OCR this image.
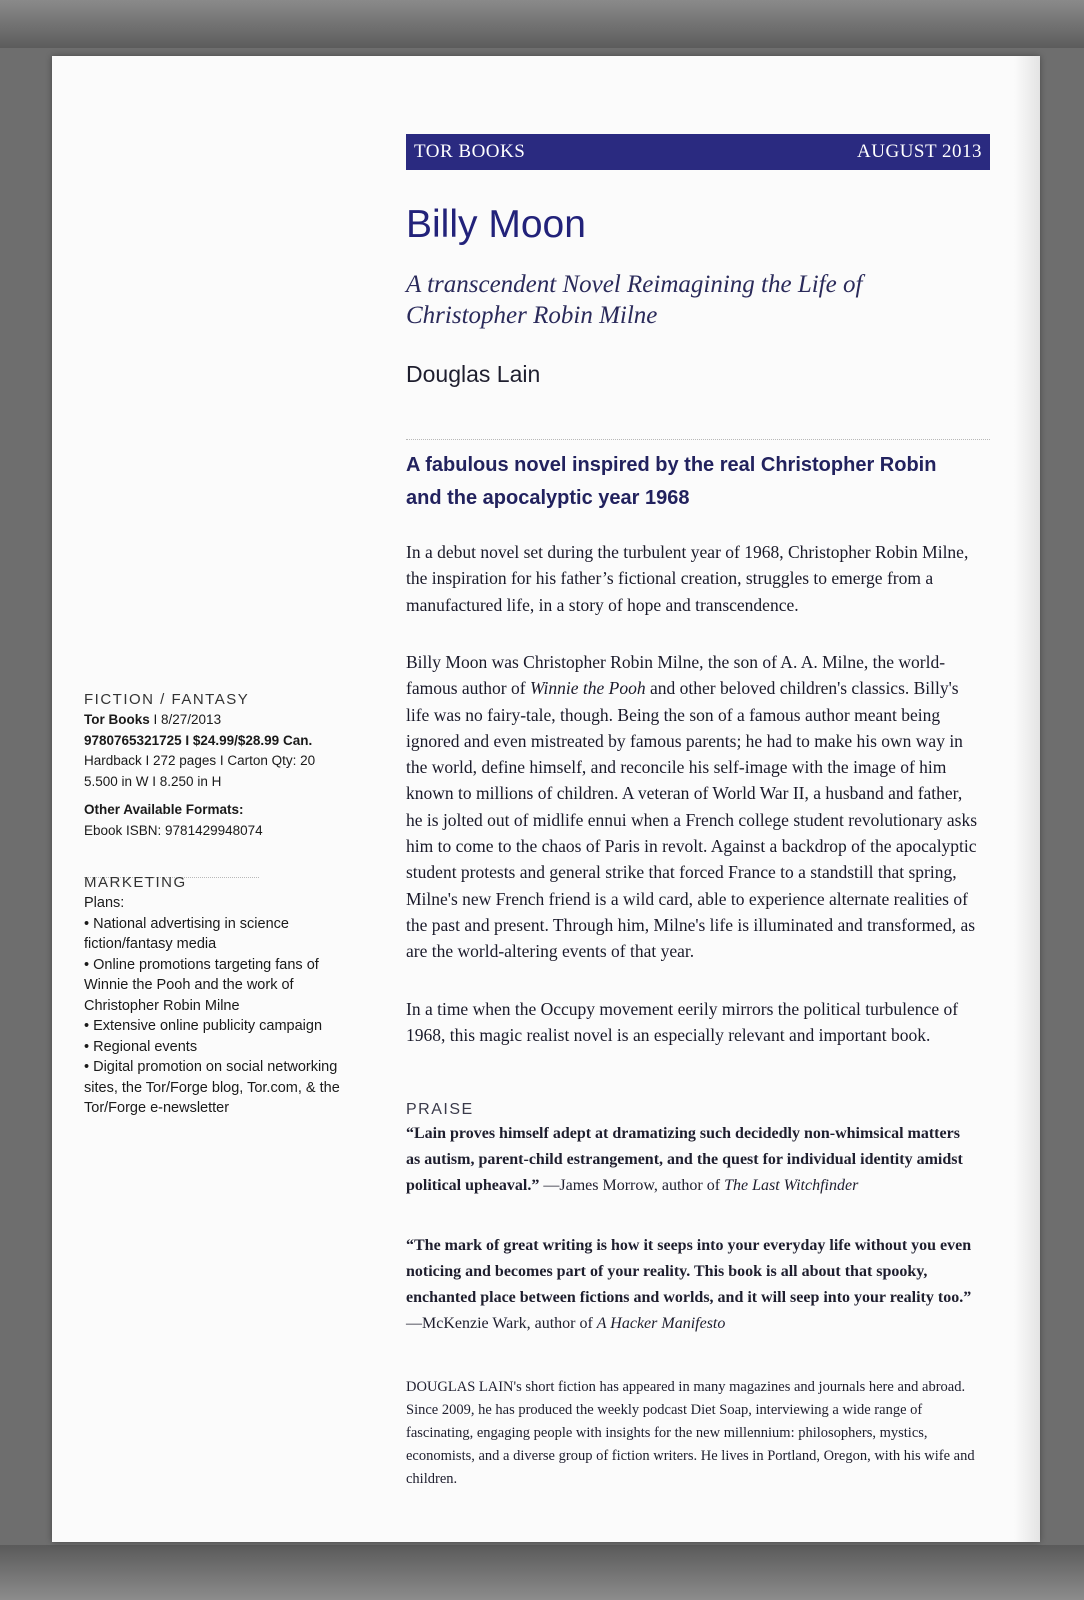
TOR BOOKS	AUGUST 2013
Billy Moon

A transcendent Novel Reimagining the Life of Christopher Robin Milne

Douglas Lain
A fabulous novel inspired by the real Christopher Robin and the apocalyptic year 1968

In a debut novel set during the turbulent year of 1968, Christopher Robin Milne, the inspiration for his father’s fictional creation, struggles to emerge from a manufactured life, in a story of hope and transcendence.

Billy Moon was Christopher Robin Milne, the son of A. A. Milne, the world-famous author of Winnie the Pooh and other beloved children's classics. Billy's life was no fairy-tale, though. Being the son of a famous author meant being ignored and even mistreated by famous parents; he had to make his own way in the world, define himself, and reconcile his self-image with the image of him known to millions of children. A veteran of World War II, a husband and father, he is jolted out of midlife ennui when a French college student revolutionary asks him to come to the chaos of Paris in revolt. Against a backdrop of the apocalyptic student protests and general strike that forced France to a standstill that spring, Milne's new French friend is a wild card, able to experience alternate realities of the past and present. Through him, Milne's life is illuminated and transformed, as are the world-altering events of that year.

In a time when the Occupy movement eerily mirrors the political turbulence of 1968, this magic realist novel is an especially relevant and important book.

PRAISE

“Lain proves himself adept at dramatizing such decidedly non-whimsical matters as autism, parent-child estrangement, and the quest for individual identity amidst political upheaval.” —James Morrow, author of The Last Witchfinder

“The mark of great writing is how it seeps into your everyday life without you even noticing and becomes part of your reality. This book is all about that spooky, enchanted place between fictions and worlds, and it will seep into your reality too.”
—McKenzie Wark, author of A Hacker Manifesto

DOUGLAS LAIN's short fiction has appeared in many magazines and journals here and abroad. Since 2009, he has produced the weekly podcast Diet Soap, interviewing a wide range of fascinating, engaging people with insights for the new millennium: philosophers, mystics, economists, and a diverse group of fiction writers. He lives in Portland, Oregon, with his wife and children.

FICTION / FANTASY

Tor Books I 8/27/2013

9780765321725 I $24.99/$28.99 Can.

Hardback I 272 pages I Carton Qty: 20

5.500 in W I 8.250 in H

Other Available Formats:

Ebook ISBN: 9781429948074

MARKETING

Plans:

• National advertising in science fiction/fantasy media

• Online promotions targeting fans of Winnie the Pooh and the work of Christopher Robin Milne

• Extensive online publicity campaign

• Regional events

• Digital promotion on social networking sites, the Tor/Forge blog, Tor.com, & the Tor/Forge e-newsletter
